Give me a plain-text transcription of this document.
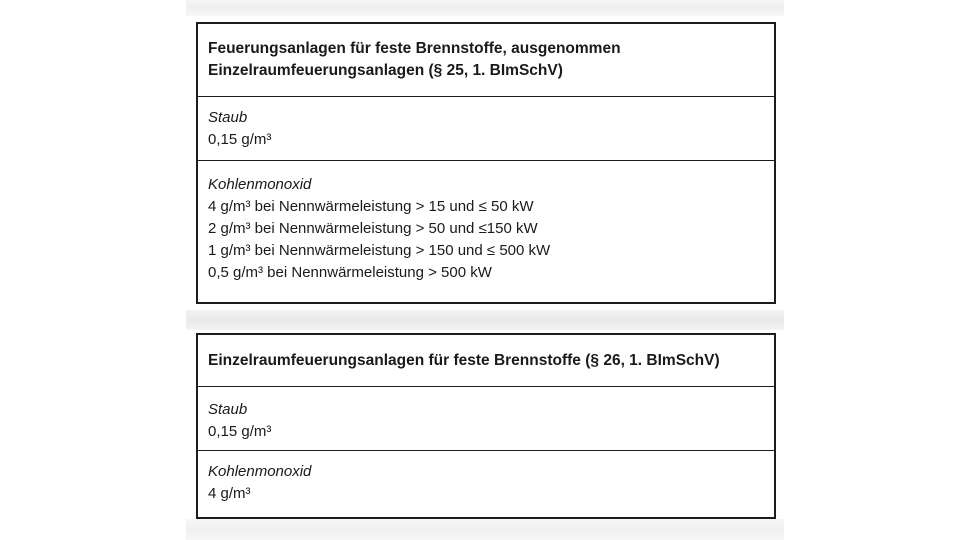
Feuerungsanlagen für feste Brennstoffe, ausgenommen
Einzelraumfeuerungsanlagen (§ 25, 1. BImSchV)
Staub
0,15 g/m³
Kohlenmonoxid
4 g/m³ bei Nennwärmeleistung > 15 und ≤ 50 kW
2 g/m³ bei Nennwärmeleistung > 50 und ≤150 kW
1 g/m³ bei Nennwärmeleistung > 150 und ≤ 500 kW
0,5 g/m³ bei Nennwärmeleistung > 500 kW
Einzelraumfeuerungsanlagen für feste Brennstoffe (§ 26, 1. BImSchV)
Staub
0,15 g/m³
Kohlenmonoxid
4 g/m³
